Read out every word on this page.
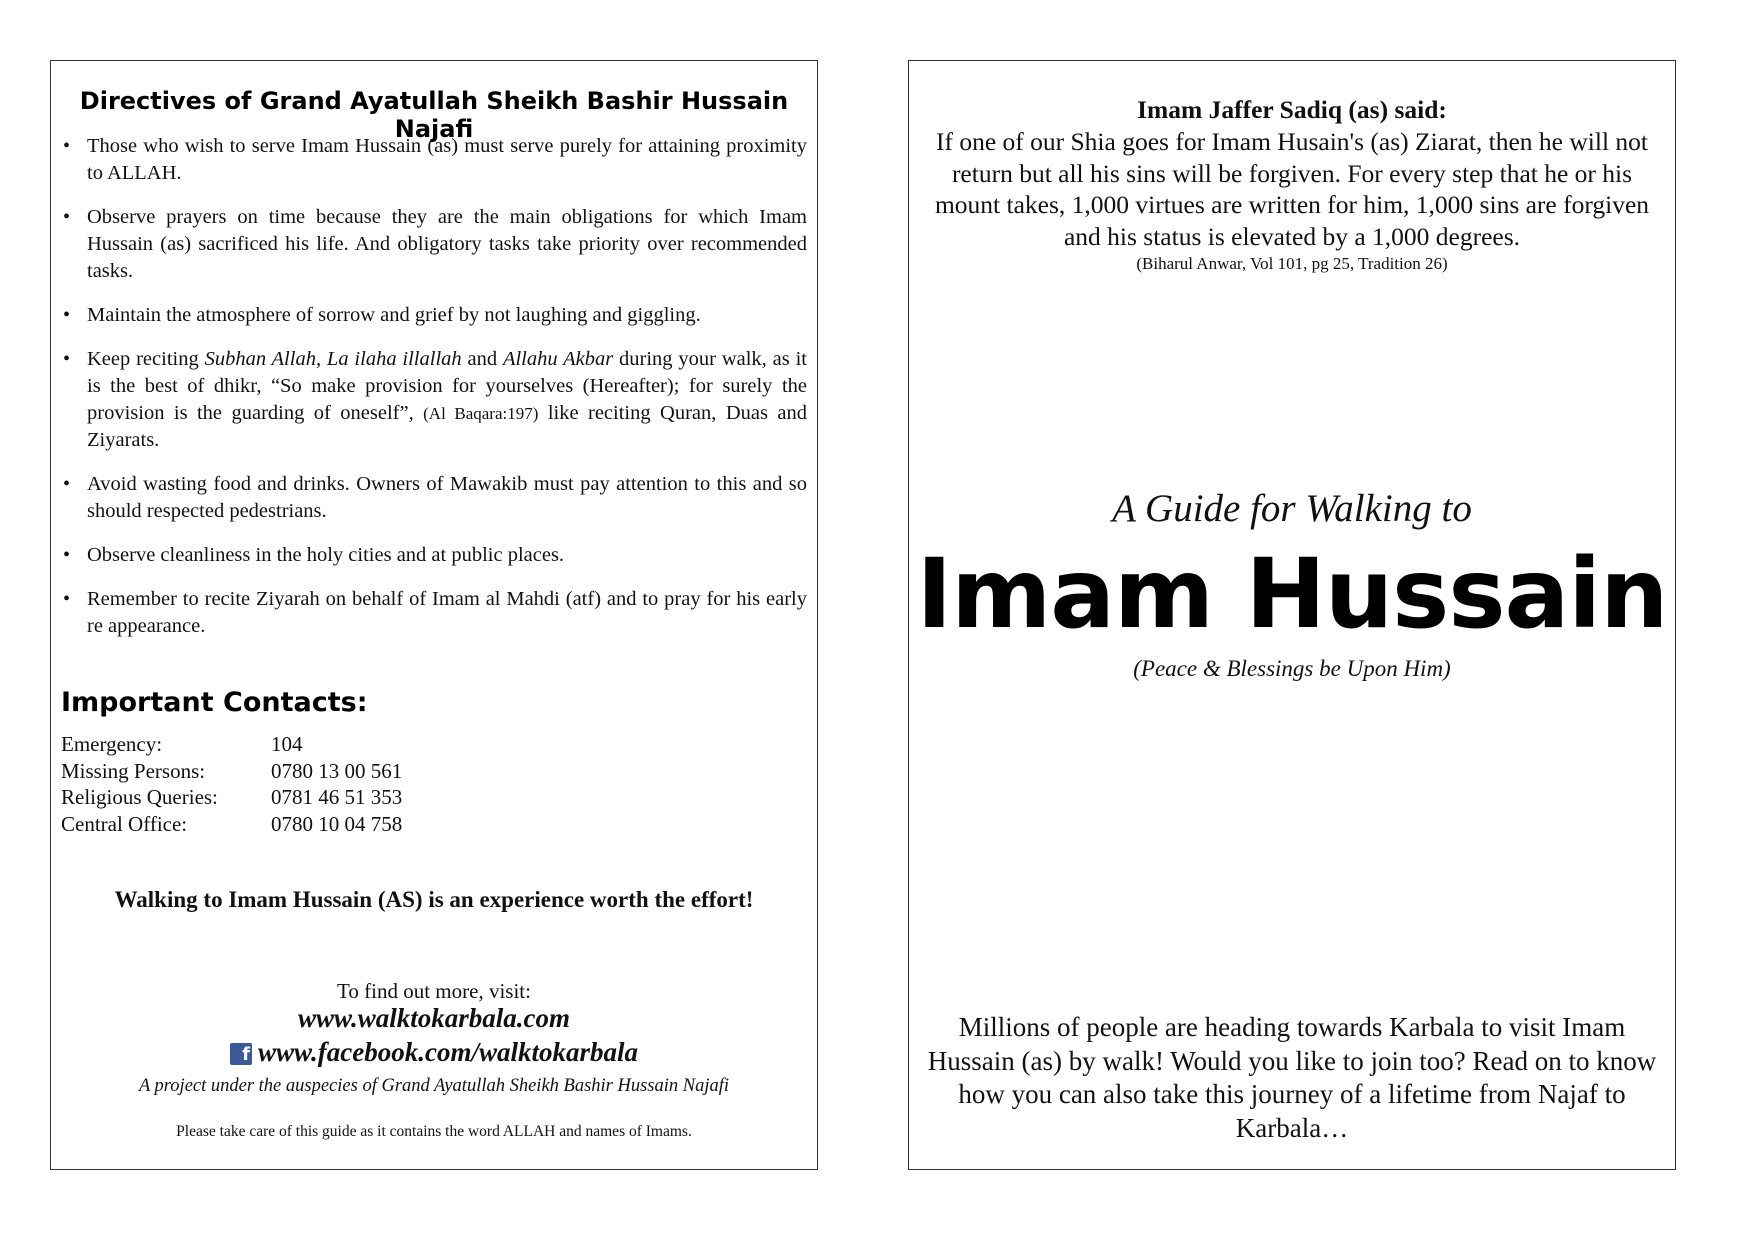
Directives of Grand Ayatullah Sheikh Bashir Hussain Najafi
• Those who wish to serve Imam Hussain (as) must serve purely for attaining proximity to ALLAH.
• Observe prayers on time because they are the main obligations for which Imam Hussain (as) sacrificed his life. And obligatory tasks take priority over recommended tasks.
• Maintain the atmosphere of sorrow and grief by not laughing and giggling.
• Keep reciting Subhan Allah, La ilaha illallah and Allahu Akbar during your walk, as it is the best of dhikr, “So make provision for yourselves (Hereafter); for surely the provision is the guarding of oneself”, (Al Baqara:197) like reciting Quran, Duas and Ziyarats.
• Avoid wasting food and drinks. Owners of Mawakib must pay attention to this and so should respected pedestrians.
• Observe cleanliness in the holy cities and at public places.
• Remember to recite Ziyarah on behalf of Imam al Mahdi (atf) and to pray for his early re appearance.
Important Contacts:
Emergency:	104
Missing Persons:	0780 13 00 561
Religious Queries:	0781 46 51 353
Central Office:	0780 10 04 758
Walking to Imam Hussain (AS) is an experience worth the effort!
To find out more, visit:
www.walktokarbala.com
f www.facebook.com/walktokarbala
A project under the auspecies of Grand Ayatullah Sheikh Bashir Hussain Najafi
Please take care of this guide as it contains the word ALLAH and names of Imams.
Imam Jaffer Sadiq (as) said:
If one of our Shia goes for Imam Husain's (as) Ziarat, then he will not return but all his sins will be forgiven. For every step that he or his mount takes, 1,000 virtues are written for him, 1,000 sins are forgiven and his status is elevated by a 1,000 degrees.
(Biharul Anwar, Vol 101, pg 25, Tradition 26)
A Guide for Walking to
Imam Hussain
(Peace & Blessings be Upon Him)
Millions of people are heading towards Karbala to visit Imam Hussain (as) by walk! Would you like to join too? Read on to know how you can also take this journey of a lifetime from Najaf to Karbala…
